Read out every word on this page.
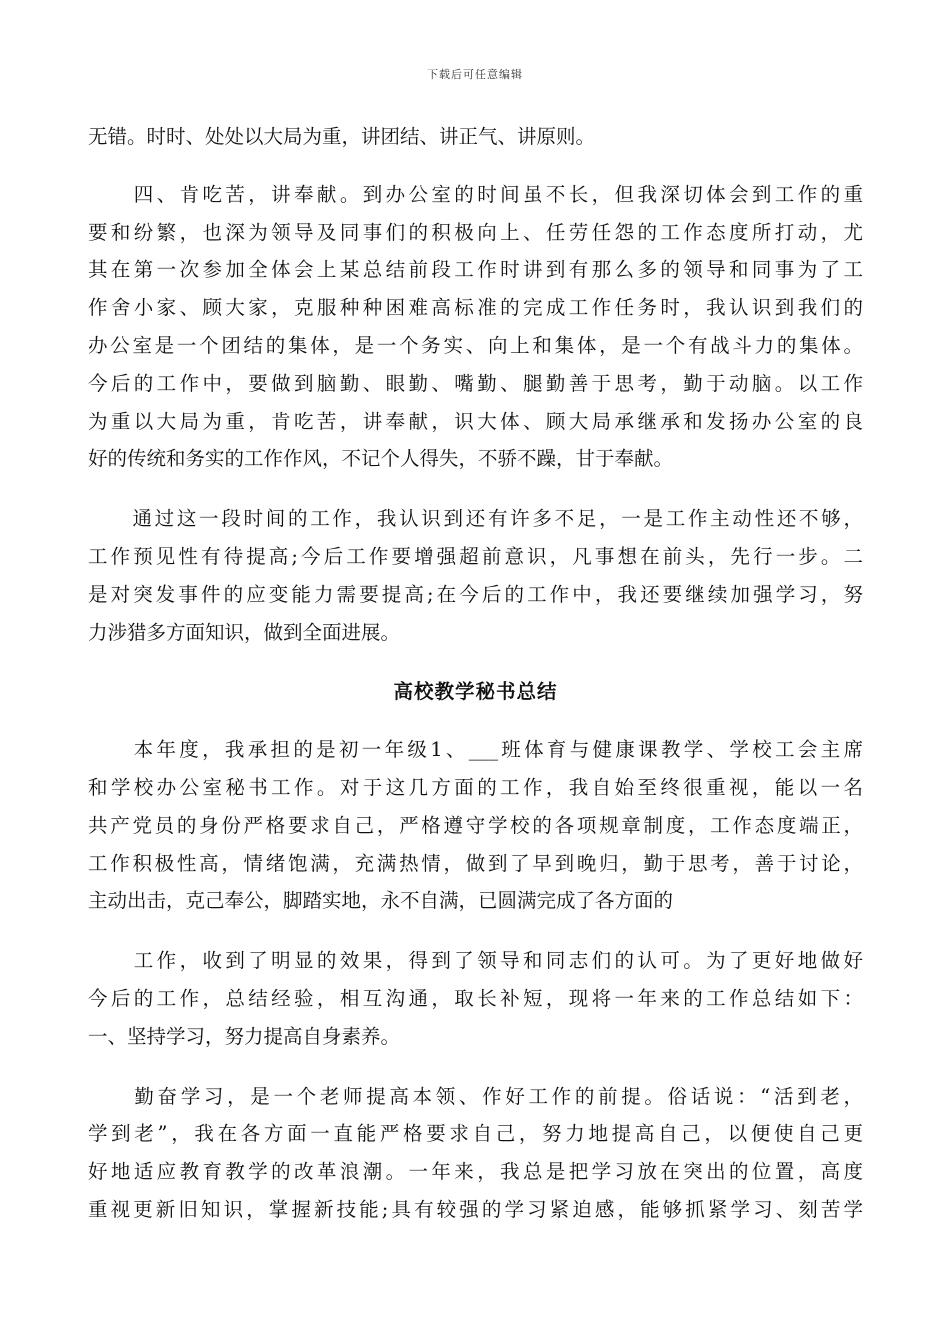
下载后可任意编辑

无错。时时、处处以大局为重，讲团结、讲正气、讲原则。

　　四、肯吃苦，讲奉献。到办公室的时间虽不长，但我深切体会到工作的重
要和纷繁，也深为领导及同事们的积极向上、任劳任怨的工作态度所打动，尤
其在第一次参加全体会上某总结前段工作时讲到有那么多的领导和同事为了工
作舍小家、顾大家，克服种种困难高标准的完成工作任务时，我认识到我们的
办公室是一个团结的集体，是一个务实、向上和集体，是一个有战斗力的集体。
今后的工作中，要做到脑勤、眼勤、嘴勤、腿勤善于思考，勤于动脑。以工作
为重以大局为重，肯吃苦，讲奉献，识大体、顾大局承继承和发扬办公室的良
好的传统和务实的工作作风，不记个人得失，不骄不躁，甘于奉献。

　　通过这一段时间的工作，我认识到还有许多不足，一是工作主动性还不够，
工作预见性有待提高;今后工作要增强超前意识，凡事想在前头，先行一步。二
是对突发事件的应变能力需要提高;在今后的工作中，我还要继续加强学习，努
力涉猎多方面知识，做到全面进展。

高校教学秘书总结

　　本年度，我承担的是初一年级1、___班体育与健康课教学、学校工会主席
和学校办公室秘书工作。对于这几方面的工作，我自始至终很重视，能以一名
共产党员的身份严格要求自己，严格遵守学校的各项规章制度，工作态度端正，
工作积极性高，情绪饱满，充满热情，做到了早到晚归，勤于思考，善于讨论，
主动出击，克己奉公，脚踏实地，永不自满，已圆满完成了各方面的

　　工作，收到了明显的效果，得到了领导和同志们的认可。为了更好地做好
今后的工作，总结经验，相互沟通，取长补短，现将一年来的工作总结如下：
一、坚持学习，努力提高自身素养。

　　勤奋学习，是一个老师提高本领、作好工作的前提。俗话说：“活到老，
学到老”，我在各方面一直能严格要求自己，努力地提高自己，以便使自己更
好地适应教育教学的改革浪潮。一年来，我总是把学习放在突出的位置，高度
重视更新旧知识，掌握新技能;具有较强的学习紧迫感，能够抓紧学习、刻苦学
